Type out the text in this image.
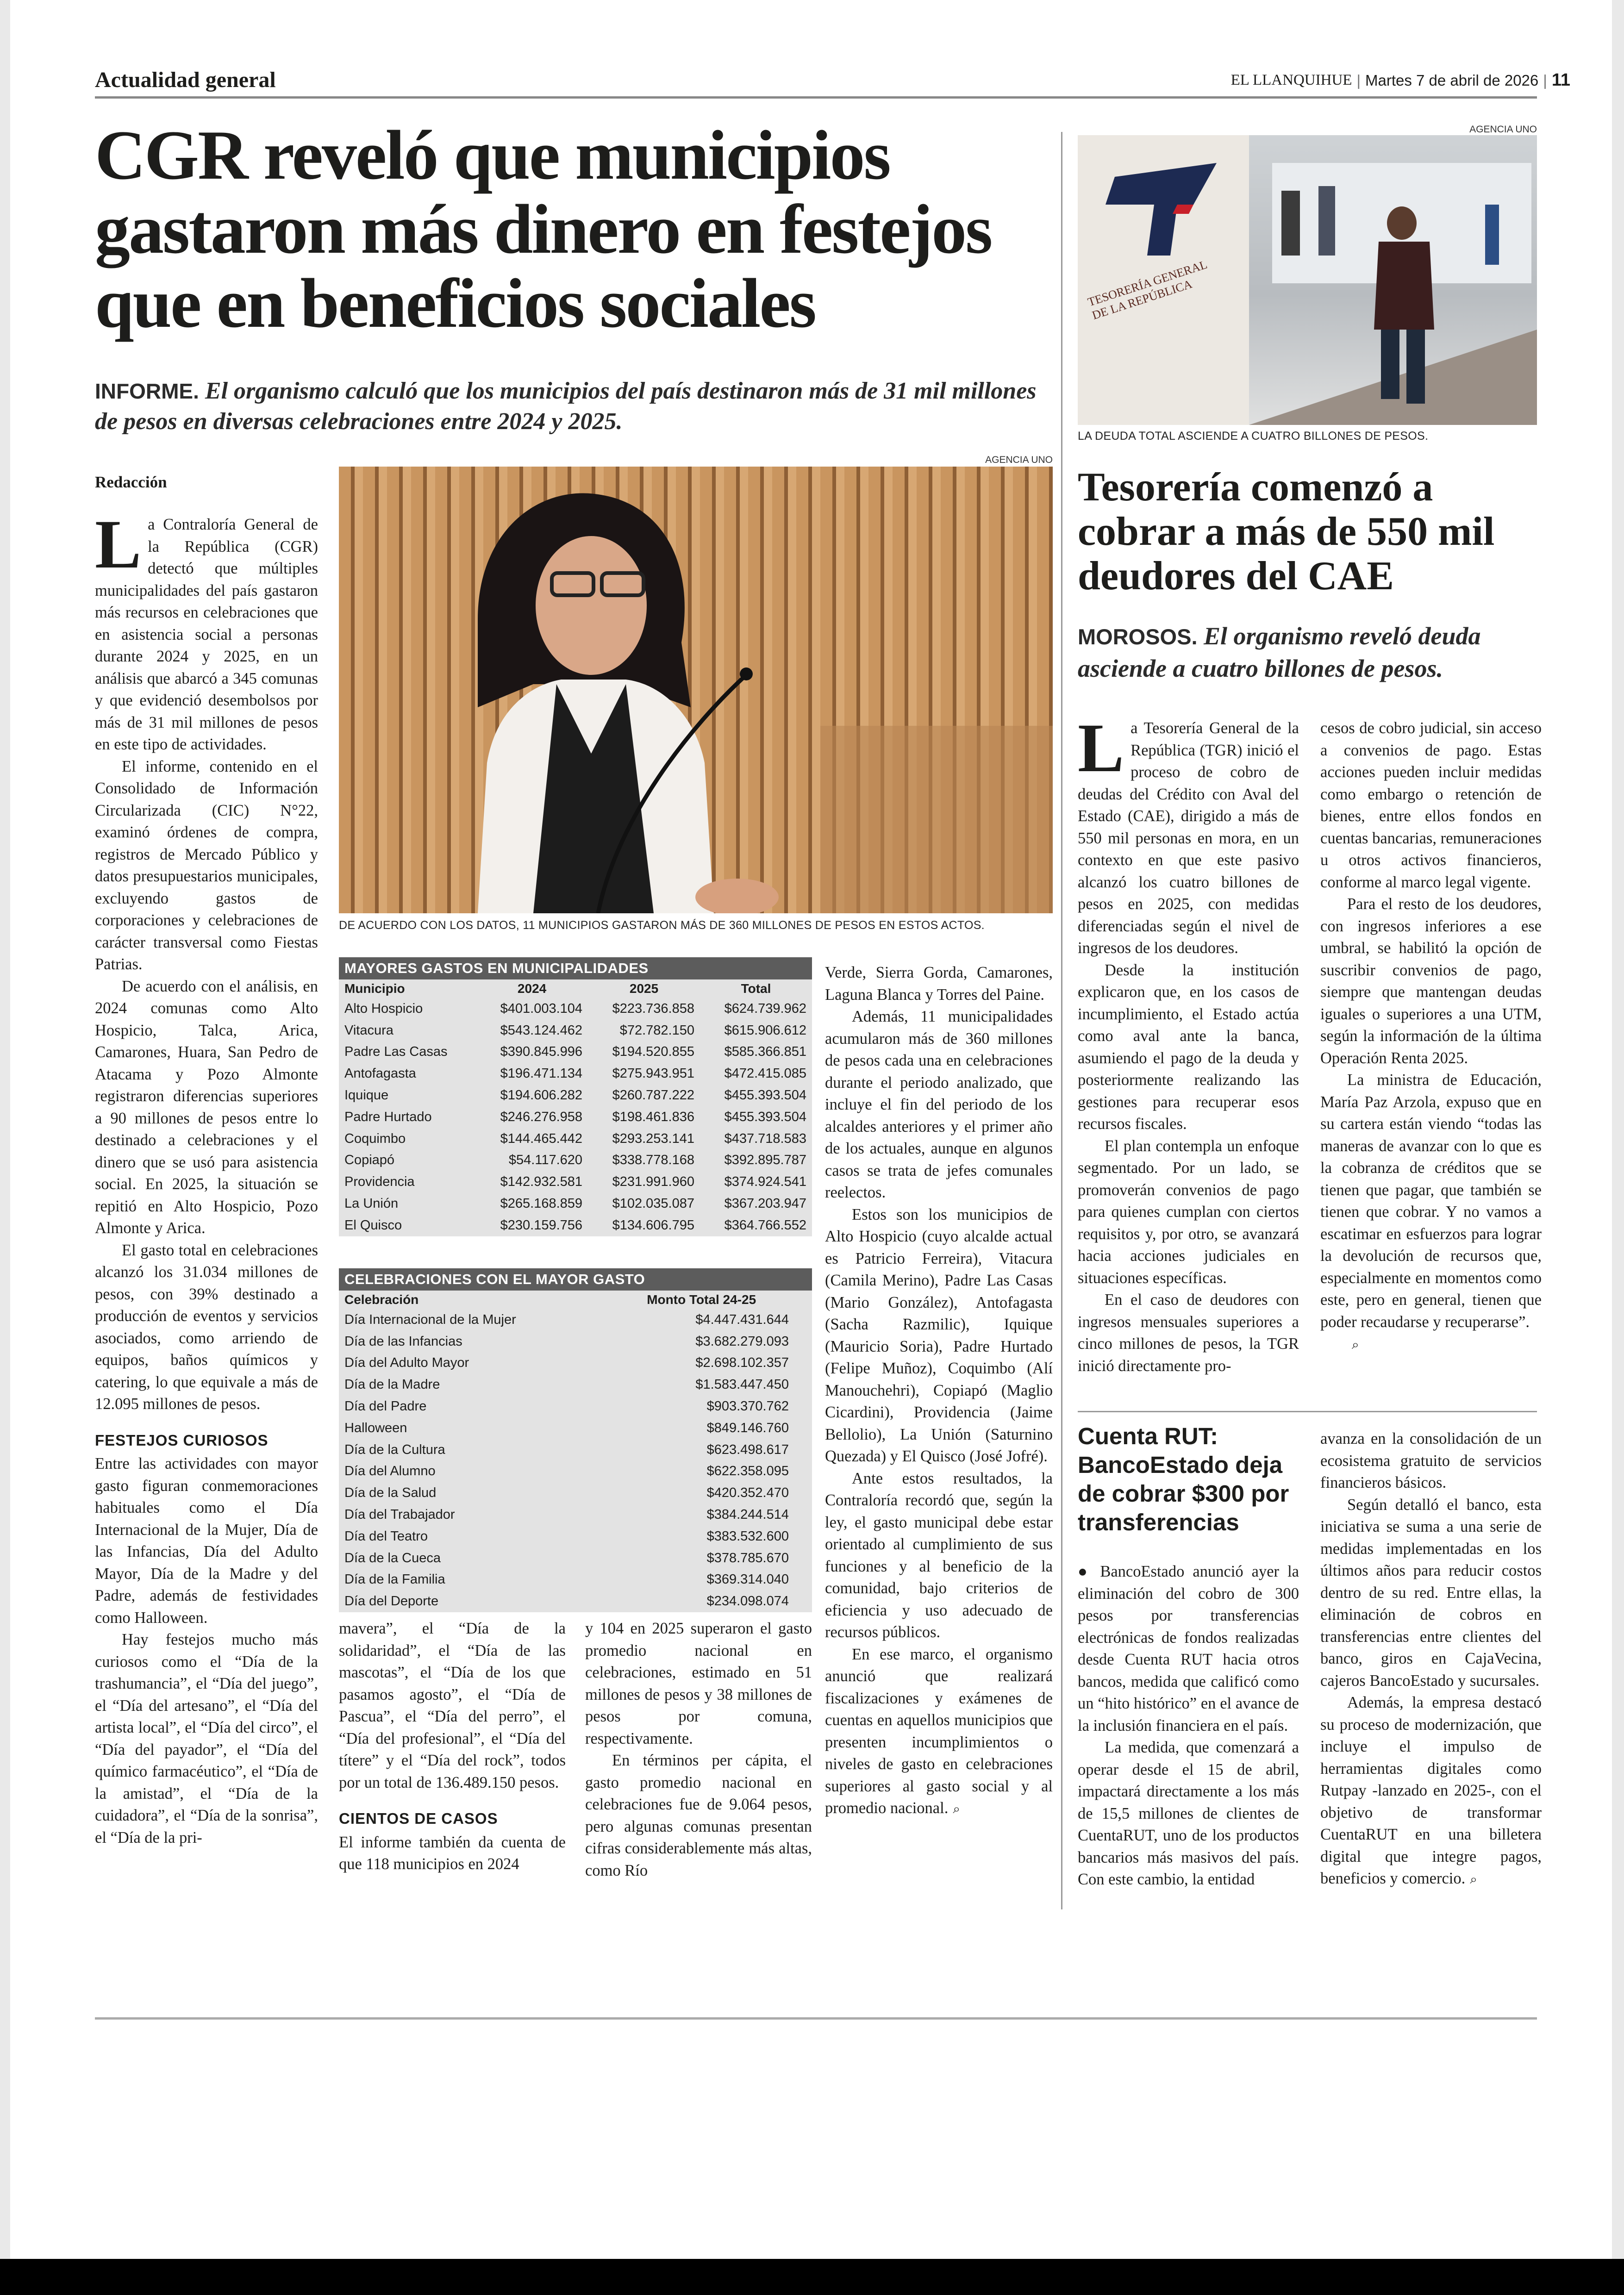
Actualidad general	EL LLANQUIHUE | Martes 7 de abril de 2026 | 11
CGR reveló que municipios gastaron más dinero en festejos que en beneficios sociales
INFORME. El organismo calculó que los municipios del país destinaron más de 31 mil millones de pesos en diversas celebraciones entre 2024 y 2025.
Redacción

La Contraloría General de la República (CGR) detectó que múltiples municipalidades del país gastaron más recursos en celebraciones que en asistencia social a personas durante 2024 y 2025, en un análisis que abarcó a 345 comunas y que evidenció desembolsos por más de 31 mil millones de pesos en este tipo de actividades.

El informe, contenido en el Consolidado de Información Circularizada (CIC) N°22, examinó órdenes de compra, registros de Mercado Público y datos presupuestarios municipales, excluyendo gastos de corporaciones y celebraciones de carácter transversal como Fiestas Patrias.

De acuerdo con el análisis, en 2024 comunas como Alto Hospicio, Talca, Arica, Camarones, Huara, San Pedro de Atacama y Pozo Almonte registraron diferencias superiores a 90 millones de pesos entre lo destinado a celebraciones y el dinero que se usó para asistencia social. En 2025, la situación se repitió en Alto Hospicio, Pozo Almonte y Arica.

El gasto total en celebraciones alcanzó los 31.034 millones de pesos, con 39% destinado a producción de eventos y servicios asociados, como arriendo de equipos, baños químicos y catering, lo que equivale a más de 12.095 millones de pesos.

FESTEJOS CURIOSOS

Entre las actividades con mayor gasto figuran conmemoraciones habituales como el Día Internacional de la Mujer, Día de las Infancias, Día del Adulto Mayor, Día de la Madre y del Padre, además de festividades como Halloween.

Hay festejos mucho más curiosos como el “Día de la trashumancia”, el “Día del juego”, el “Día del artesano”, el “Día del artista local”, el “Día del circo”, el “Día del payador”, el “Día del químico farmacéutico”, el “Día de la amistad”, el “Día de la cuidadora”, el “Día de la sonrisa”, el “Día de la pri-

AGENCIA UNO
DE ACUERDO CON LOS DATOS, 11 MUNICIPIOS GASTARON MÁS DE 360 MILLONES DE PESOS EN ESTOS ACTOS.
MAYORES GASTOS EN MUNICIPALIDADES
Municipio	2024	2025	Total
Alto Hospicio	$401.003.104	$223.736.858	$624.739.962
Vitacura	$543.124.462	$72.782.150	$615.906.612
Padre Las Casas	$390.845.996	$194.520.855	$585.366.851
Antofagasta	$196.471.134	$275.943.951	$472.415.085
Iquique	$194.606.282	$260.787.222	$455.393.504
Padre Hurtado	$246.276.958	$198.461.836	$455.393.504
Coquimbo	$144.465.442	$293.253.141	$437.718.583
Copiapó	$54.117.620	$338.778.168	$392.895.787
Providencia	$142.932.581	$231.991.960	$374.924.541
La Unión	$265.168.859	$102.035.087	$367.203.947
El Quisco	$230.159.756	$134.606.795	$364.766.552
CELEBRACIONES CON EL MAYOR GASTO
Celebración	Monto Total 24-25
Día Internacional de la Mujer	$4.447.431.644
Día de las Infancias	$3.682.279.093
Día del Adulto Mayor	$2.698.102.357
Día de la Madre	$1.583.447.450
Día del Padre	$903.370.762
Halloween	$849.146.760
Día de la Cultura	$623.498.617
Día del Alumno	$622.358.095
Día de la Salud	$420.352.470
Día del Trabajador	$384.244.514
Día del Teatro	$383.532.600
Día de la Cueca	$378.785.670
Día de la Familia	$369.314.040
Día del Deporte	$234.098.074

mavera”, el “Día de la solidaridad”, el “Día de las mascotas”, el “Día de los que pasamos agosto”, el “Día de Pascua”, el “Día del perro”, el “Día del profesional”, el “Día del títere” y el “Día del rock”, todos por un total de 136.489.150 pesos.

CIENTOS DE CASOS

El informe también da cuenta de que 118 municipios en 2024

y 104 en 2025 superaron el gasto promedio nacional en celebraciones, estimado en 51 millones de pesos y 38 millones de pesos por comuna, respectivamente.

En términos per cápita, el gasto promedio nacional en celebraciones fue de 9.064 pesos, pero algunas comunas presentan cifras considerablemente más altas, como Río

Verde, Sierra Gorda, Camarones, Laguna Blanca y Torres del Paine.

Además, 11 municipalidades acumularon más de 360 millones de pesos cada una en celebraciones durante el periodo analizado, que incluye el fin del periodo de los alcaldes anteriores y el primer año de los actuales, aunque en algunos casos se trata de jefes comunales reelectos.

Estos son los municipios de Alto Hospicio (cuyo alcalde actual es Patricio Ferreira), Vitacura (Camila Merino), Padre Las Casas (Mario González), Antofagasta (Sacha Razmilic), Iquique (Mauricio Soria), Padre Hurtado (Felipe Muñoz), Coquimbo (Alí Manouchehri), Copiapó (Maglio Cicardini), Providencia (Jaime Bellolio), La Unión (Saturnino Quezada) y El Quisco (José Jofré).

Ante estos resultados, la Contraloría recordó que, según la ley, el gasto municipal debe estar orientado al cumplimiento de sus funciones y al beneficio de la comunidad, bajo criterios de eficiencia y uso adecuado de recursos públicos.

En ese marco, el organismo anunció que realizará fiscalizaciones y exámenes de cuentas en aquellos municipios que presenten incumplimientos o niveles de gasto en celebraciones superiores al gasto social y al promedio nacional. ⌕

AGENCIA UNO
TESORERÍA GENERAL DE LA REPÚBLICA
LA DEUDA TOTAL ASCIENDE A CUATRO BILLONES DE PESOS.
Tesorería comenzó a cobrar a más de 550 mil deudores del CAE
MOROSOS. El organismo reveló deuda asciende a cuatro billones de pesos.

La Tesorería General de la República (TGR) inició el proceso de cobro de deudas del Crédito con Aval del Estado (CAE), dirigido a más de 550 mil personas en mora, en un contexto en que este pasivo alcanzó los cuatro billones de pesos en 2025, con medidas diferenciadas según el nivel de ingresos de los deudores.

Desde la institución explicaron que, en los casos de incumplimiento, el Estado actúa como aval ante la banca, asumiendo el pago de la deuda y posteriormente realizando las gestiones para recuperar esos recursos fiscales.

El plan contempla un enfoque segmentado. Por un lado, se promoverán convenios de pago para quienes cumplan con ciertos requisitos y, por otro, se avanzará hacia acciones judiciales en situaciones específicas.

En el caso de deudores con ingresos mensuales superiores a cinco millones de pesos, la TGR inició directamente pro-

cesos de cobro judicial, sin acceso a convenios de pago. Estas acciones pueden incluir medidas como embargo o retención de bienes, entre ellos fondos en cuentas bancarias, remuneraciones u otros activos financieros, conforme al marco legal vigente.

Para el resto de los deudores, con ingresos inferiores a ese umbral, se habilitó la opción de suscribir convenios de pago, siempre que mantengan deudas iguales o superiores a una UTM, según la información de la última Operación Renta 2025.

La ministra de Educación, María Paz Arzola, expuso que en su cartera están viendo “todas las maneras de avanzar con lo que es la cobranza de créditos que se tienen que pagar, que también se tienen que cobrar. Y no vamos a escatimar en esfuerzos para lograr la devolución de recursos que, especialmente en momentos como este, pero en general, tienen que poder recaudarse y recuperarse”.

⌕

Cuenta RUT: BancoEstado deja de cobrar $300 por transferencias

● BancoEstado anunció ayer la eliminación del cobro de 300 pesos por transferencias electrónicas de fondos realizadas desde Cuenta RUT hacia otros bancos, medida que calificó como un “hito histórico” en el avance de la inclusión financiera en el país.

La medida, que comenzará a operar desde el 15 de abril, impactará directamente a los más de 15,5 millones de clientes de CuentaRUT, uno de los productos bancarios más masivos del país. Con este cambio, la entidad

avanza en la consolidación de un ecosistema gratuito de servicios financieros básicos.

Según detalló el banco, esta iniciativa se suma a una serie de medidas implementadas en los últimos años para reducir costos dentro de su red. Entre ellas, la eliminación de cobros en transferencias entre clientes del banco, giros en CajaVecina, cajeros BancoEstado y sucursales.

Además, la empresa destacó su proceso de modernización, que incluye el impulso de herramientas digitales como Rutpay -lanzado en 2025-, con el objetivo de transformar CuentaRUT en una billetera digital que integre pagos, beneficios y comercio. ⌕
